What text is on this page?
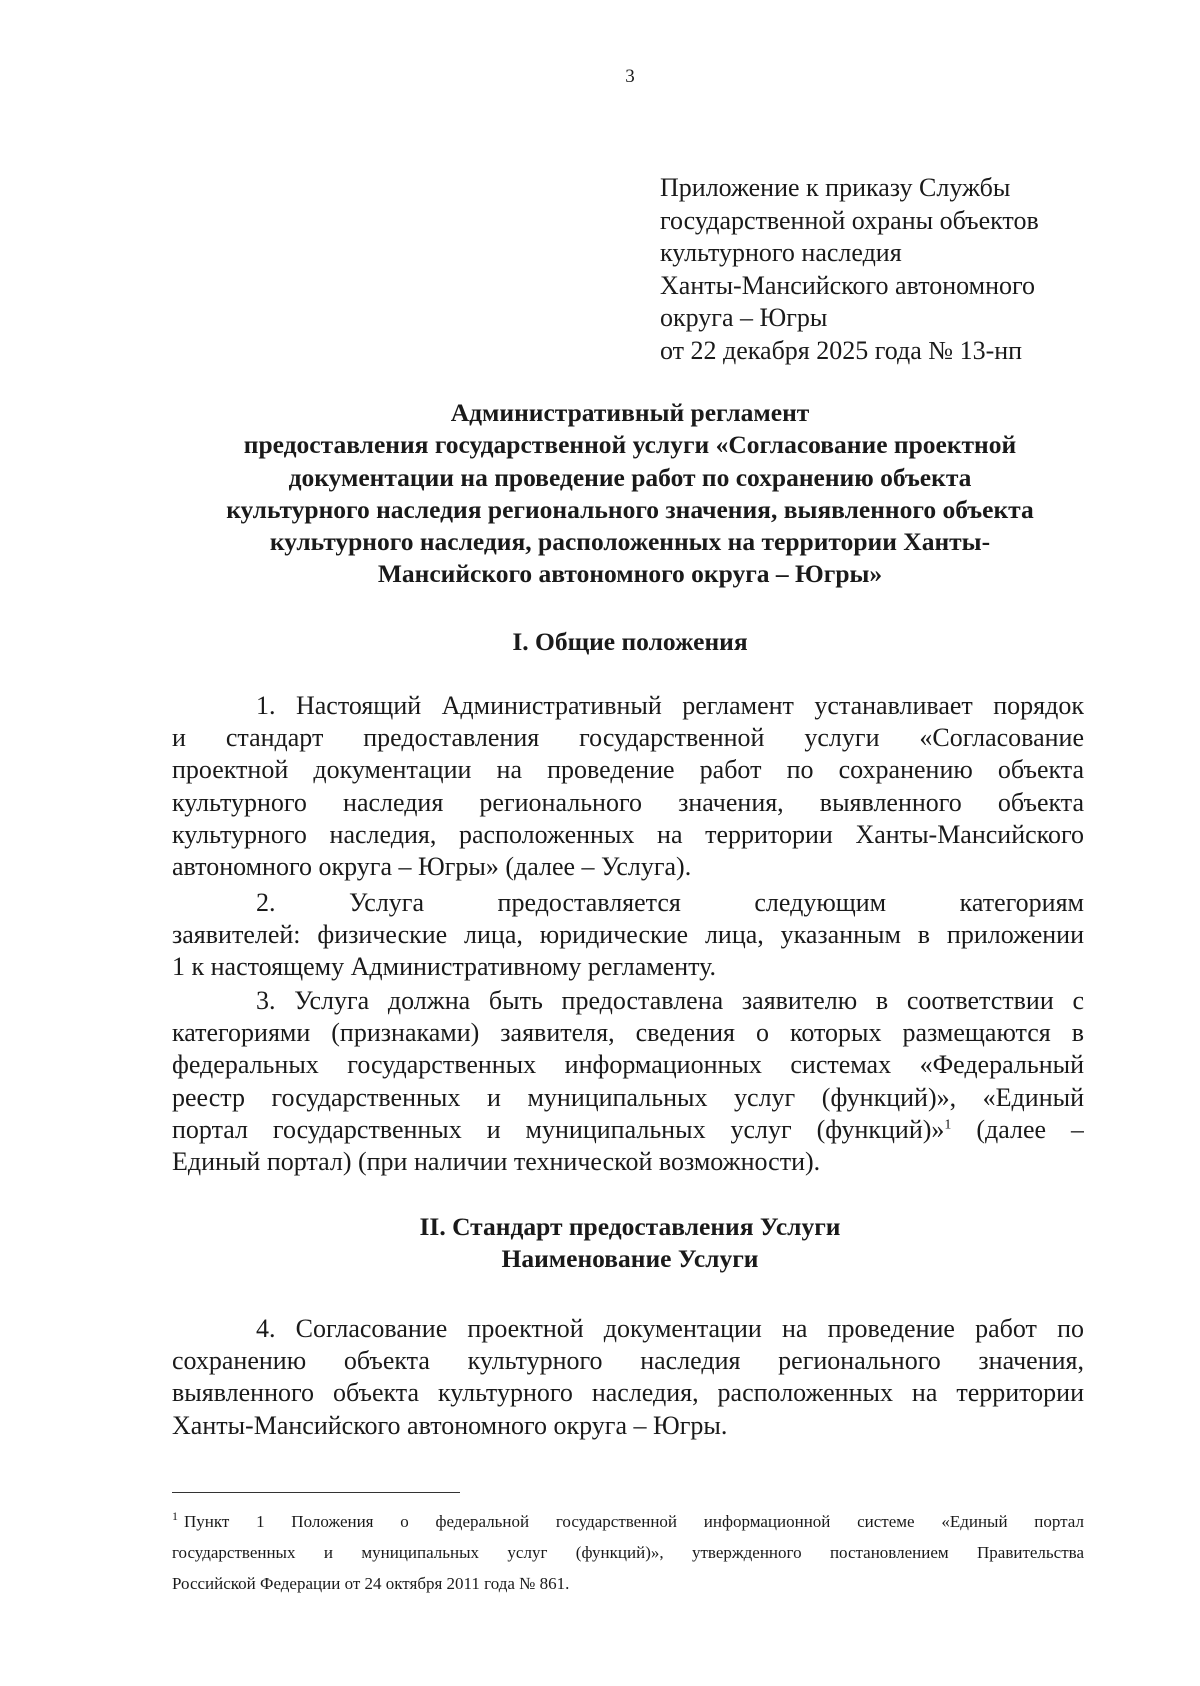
3
Приложение к приказу Службы
государственной охраны объектов
культурного наследия
Ханты-Мансийского автономного
округа – Югры
от 22 декабря 2025 года № 13-нп
Административный регламент
предоставления государственной услуги «Согласование проектной
документации на проведение работ по сохранению объекта
культурного наследия регионального значения, выявленного объекта
культурного наследия, расположенных на территории Ханты-
Мансийского автономного округа – Югры»
I. Общие положения
1. Настоящий Административный регламент устанавливает порядок
и стандарт предоставления государственной услуги «Согласование
проектной документации на проведение работ по сохранению объекта
культурного наследия регионального значения, выявленного объекта
культурного наследия, расположенных на территории Ханты-Мансийского
автономного округа – Югры» (далее – Услуга).
2. Услуга предоставляется следующим категориям
заявителей: физические лица, юридические лица, указанным в приложении
1 к настоящему Административному регламенту.
3. Услуга должна быть предоставлена заявителю в соответствии с
категориями (признаками) заявителя, сведения о которых размещаются в
федеральных государственных информационных системах «Федеральный
реестр государственных и муниципальных услуг (функций)», «Единый
портал государственных и муниципальных услуг (функций)»$^1$ (далее –
Единый портал) (при наличии технической возможности).
II. Стандарт предоставления Услуги
Наименование Услуги
4. Согласование проектной документации на проведение работ по
сохранению объекта культурного наследия регионального значения,
выявленного объекта культурного наследия, расположенных на территории
Ханты-Мансийского автономного округа – Югры.
$^1$ Пункт 1 Положения о федеральной государственной информационной системе «Единый портал
государственных и муниципальных услуг (функций)», утвержденного постановлением Правительства
Российской Федерации от 24 октября 2011 года № 861.
